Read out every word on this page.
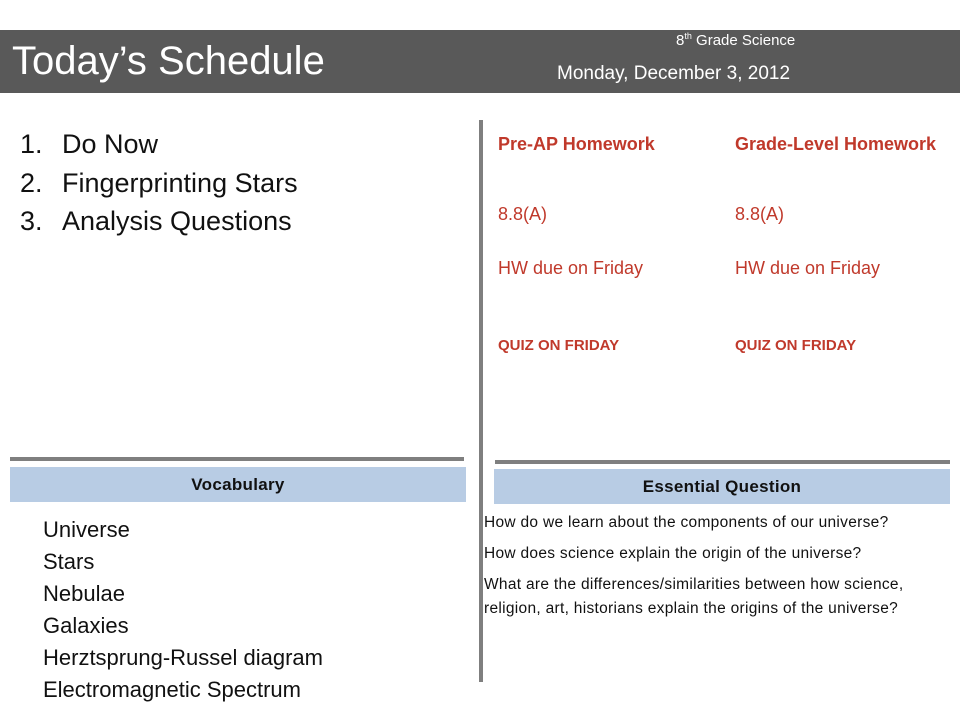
Today’s Schedule	8th Grade Science
Monday, December 3, 2012
1. Do Now
2. Fingerprinting Stars
3. Analysis Questions
Pre-AP Homework
8.8(A)
HW due on Friday
QUIZ ON FRIDAY
Grade-Level Homework
8.8(A)
HW due on Friday
QUIZ ON FRIDAY
Vocabulary	Essential Question
Universe
Stars
Nebulae
Galaxies
Herztsprung-Russel diagram
Electromagnetic Spectrum
How do we learn about the components of our universe?
How does science explain the origin of the universe?
What are the differences/similarities between how science, religion, art, historians explain the origins of the universe?
